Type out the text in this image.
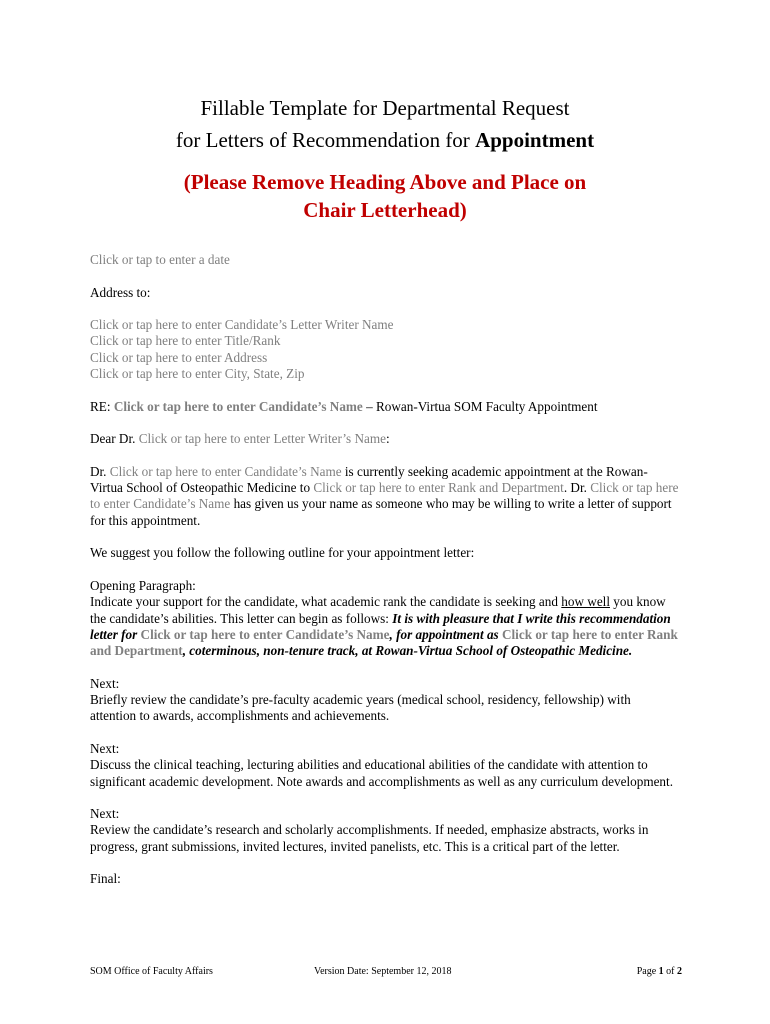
Fillable Template for Departmental Request
for Letters of Recommendation for Appointment
(Please Remove Heading Above and Place on
Chair Letterhead)

Click or tap to enter a date

Address to:

Click or tap here to enter Candidate’s Letter Writer Name

Click or tap here to enter Title/Rank

Click or tap here to enter Address

Click or tap here to enter City, State, Zip

RE: Click or tap here to enter Candidate’s Name – Rowan-Virtua SOM Faculty Appointment

Dear Dr. Click or tap here to enter Letter Writer’s Name:

Dr. Click or tap here to enter Candidate’s Name is currently seeking academic appointment at the Rowan-Virtua School of Osteopathic Medicine to Click or tap here to enter Rank and Department. Dr. Click or tap here to enter Candidate’s Name has given us your name as someone who may be willing to write a letter of support for this appointment.

We suggest you follow the following outline for your appointment letter:

Opening Paragraph:

Indicate your support for the candidate, what academic rank the candidate is seeking and how well you know the candidate’s abilities. This letter can begin as follows: It is with pleasure that I write this recommendation letter for Click or tap here to enter Candidate’s Name, for appointment as Click or tap here to enter Rank and Department, coterminous, non-tenure track, at Rowan-Virtua School of Osteopathic Medicine.

Next:

Briefly review the candidate’s pre-faculty academic years (medical school, residency, fellowship) with attention to awards, accomplishments and achievements.

Next:

Discuss the clinical teaching, lecturing abilities and educational abilities of the candidate with attention to significant academic development. Note awards and accomplishments as well as any curriculum development.

Next:

Review the candidate’s research and scholarly accomplishments. If needed, emphasize abstracts, works in progress, grant submissions, invited lectures, invited panelists, etc. This is a critical part of the letter.

Final:

SOM Office of Faculty Affairs	Version Date: September 12, 2018	Page 1 of 2
